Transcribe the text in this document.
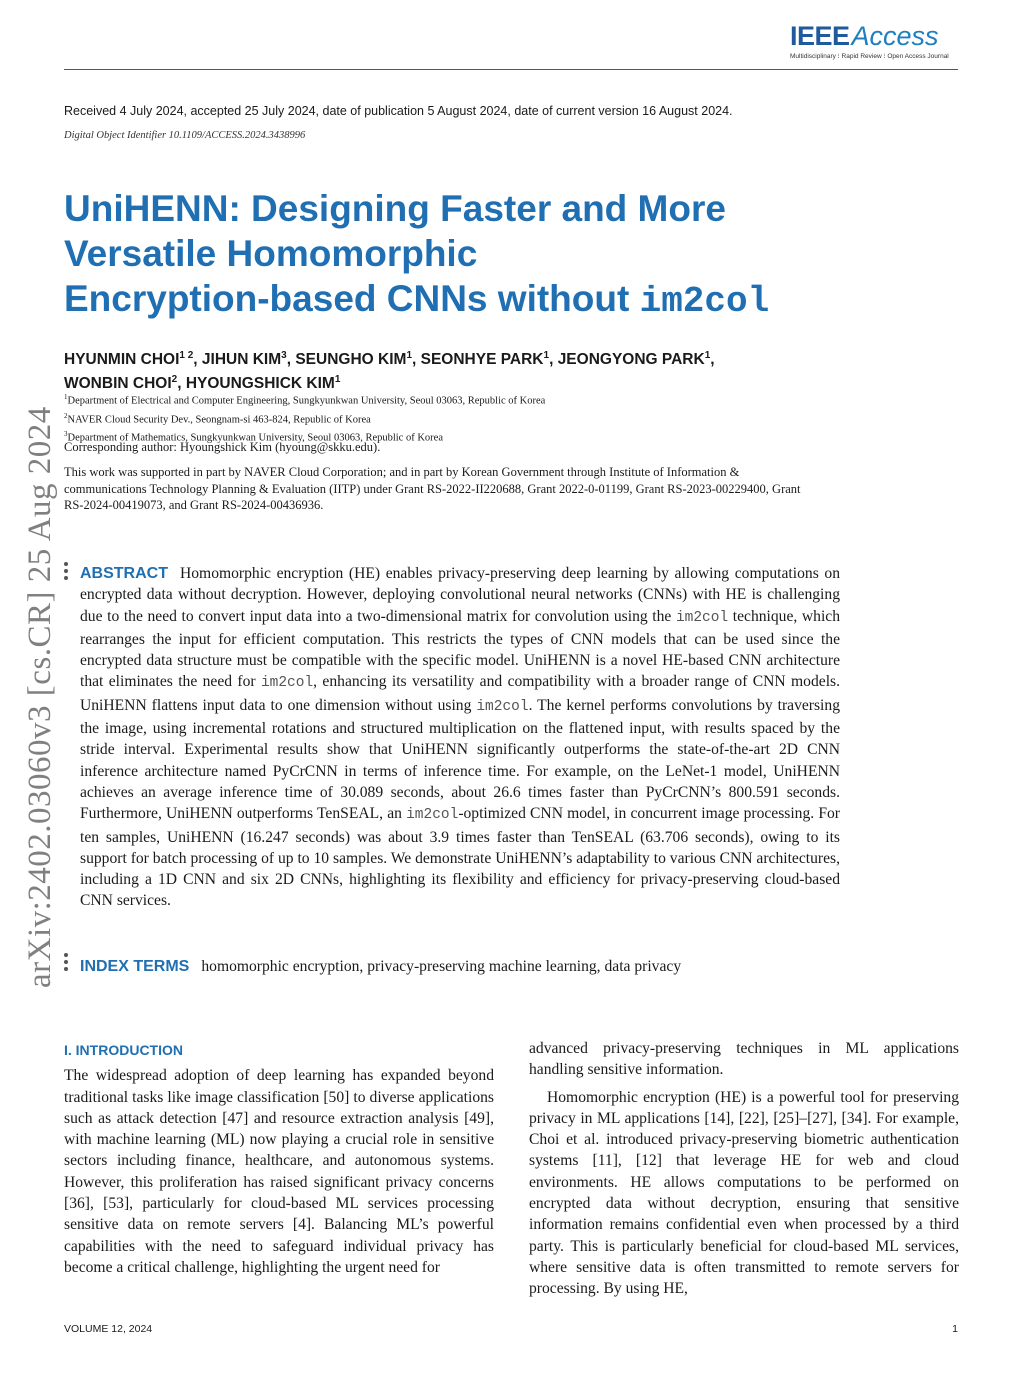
IEEEAccess
Multidisciplinary ⁝ Rapid Review ⁝ Open Access Journal
arXiv:2402.03060v3 [cs.CR] 25 Aug 2024
Received 4 July 2024, accepted 25 July 2024, date of publication 5 August 2024, date of current version 16 August 2024.
Digital Object Identifier 10.1109/ACCESS.2024.3438996
UniHENN: Designing Faster and More
Versatile Homomorphic
Encryption-based CNNs without im2col
HYUNMIN $CHOI^{1 2}$, JIHUN KIM$^3$, SEUNGHO KIM$^1$, SEONHYE PARK$^1$, JEONGYONG PARK$^1$,
WONBIN CHOI$^2$, HYOUNGSHICK KIM$^1$
$^1$Department of Electrical and Computer Engineering, Sungkyunkwan University, Seoul 03063, Republic of Korea
$^2$NAVER Cloud Security Dev., Seongnam-si 463-824, Republic of Korea
$^3$Department of Mathematics, Sungkyunkwan University, Seoul 03063, Republic of Korea
Corresponding author: Hyoungshick Kim (hyoung@skku.edu).
This work was supported in part by NAVER Cloud Corporation; and in part by Korean Government through Institute of Information & communications Technology Planning & Evaluation (IITP) under Grant RS-2022-II220688, Grant 2022-0-01199, Grant RS-2023-00229400, Grant RS-2024-00419073, and Grant RS-2024-00436936.
ABSTRACT Homomorphic encryption (HE) enables privacy-preserving deep learning by allowing computations on encrypted data without decryption. However, deploying convolutional neural networks (CNNs) with HE is challenging due to the need to convert input data into a two-dimensional matrix for convolution using the im2col technique, which rearranges the input for efficient computation. This restricts the types of CNN models that can be used since the encrypted data structure must be compatible with the specific model. UniHENN is a novel HE-based CNN architecture that eliminates the need for im2col, enhancing its versatility and compatibility with a broader range of CNN models. UniHENN flattens input data to one dimension without using im2col. The kernel performs convolutions by traversing the image, using incremental rotations and structured multiplication on the flattened input, with results spaced by the stride interval. Experimental results show that UniHENN significantly outperforms the state-of-the-art 2D CNN inference architecture named PyCrCNN in terms of inference time. For example, on the LeNet-1 model, UniHENN achieves an average inference time of 30.089 seconds, about 26.6 times faster than PyCrCNN’s 800.591 seconds. Furthermore, UniHENN outperforms TenSEAL, an im2col-optimized CNN model, in concurrent image processing. For ten samples, UniHENN (16.247 seconds) was about 3.9 times faster than TenSEAL (63.706 seconds), owing to its support for batch processing of up to 10 samples. We demonstrate UniHENN’s adaptability to various CNN architectures, including a 1D CNN and six 2D CNNs, highlighting its flexibility and efficiency for privacy-preserving cloud-based CNN services.
INDEX TERMS homomorphic encryption, privacy-preserving machine learning, data privacy
I. INTRODUCTION

The widespread adoption of deep learning has expanded beyond traditional tasks like image classification [50] to diverse applications such as attack detection [47] and resource extraction analysis [49], with machine learning (ML) now playing a crucial role in sensitive sectors including finance, healthcare, and autonomous systems. However, this proliferation has raised significant privacy concerns [36], [53], particularly for cloud-based ML services processing sensitive data on remote servers [4]. Balancing ML’s powerful capabilities with the need to safeguard individual privacy has become a critical challenge, highlighting the urgent need for

advanced privacy-preserving techniques in ML applications handling sensitive information.

Homomorphic encryption (HE) is a powerful tool for preserving privacy in ML applications [14], [22], [25]–[27], [34]. For example, Choi et al. introduced privacy-preserving biometric authentication systems [11], [12] that leverage HE for web and cloud environments. HE allows computations to be performed on encrypted data without decryption, ensuring that sensitive information remains confidential even when processed by a third party. This is particularly beneficial for cloud-based ML services, where sensitive data is often transmitted to remote servers for processing. By using HE,

VOLUME 12, 2024	1
